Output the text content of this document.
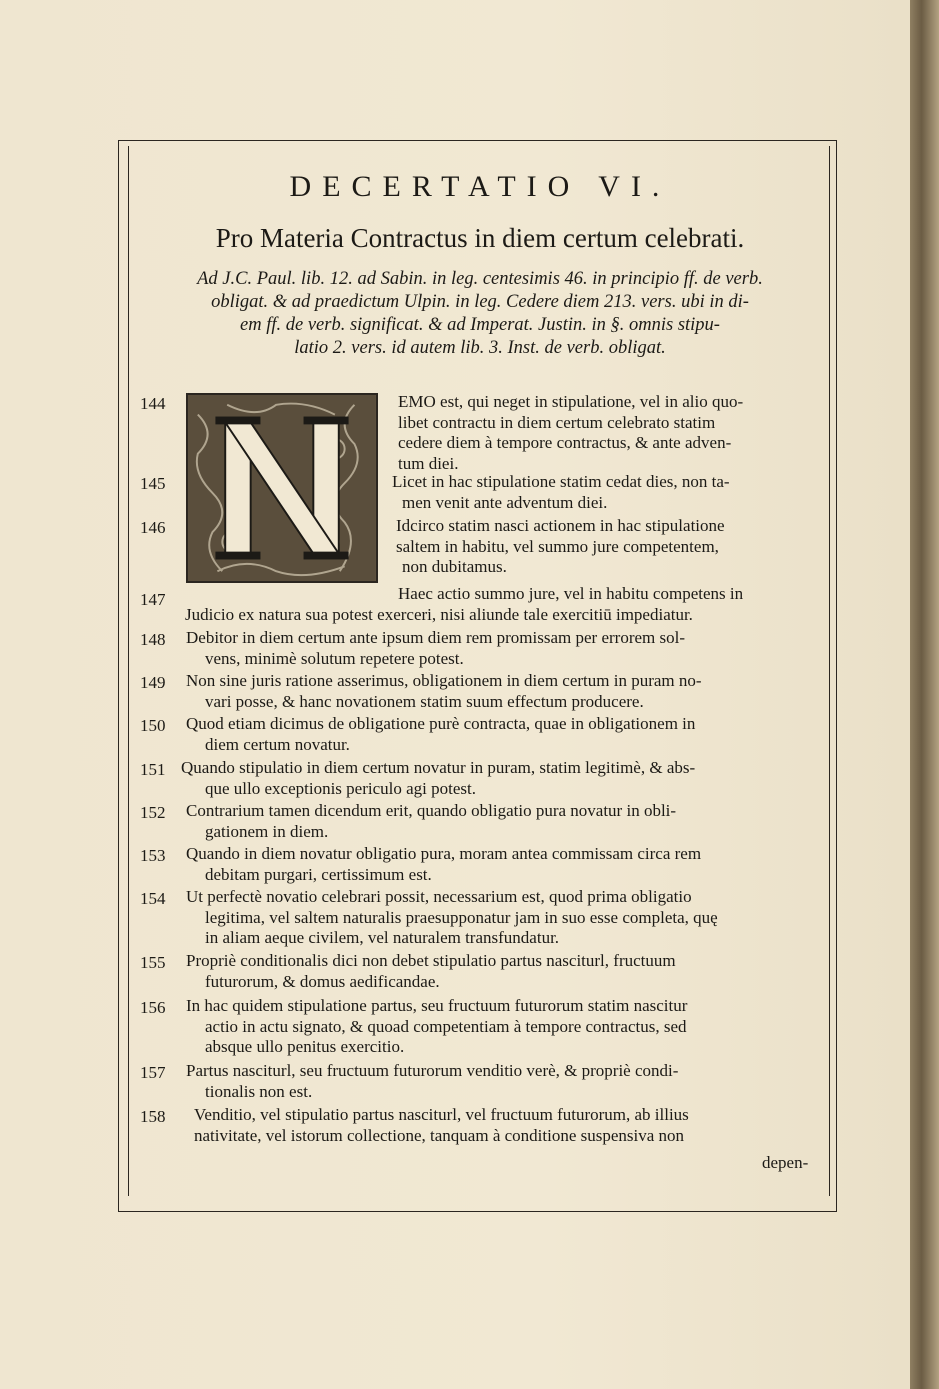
DECERTATIO VI.
Pro Materia Contractus in diem certum celebrati.
Ad J.C. Paul. lib. 12. ad Sabin. in leg. centesimis 46. in principio ff. de verb.
obligat. & ad praedictum Ulpin. in leg. Cedere diem 213. vers. ubi in di-
em ff. de verb. significat. & ad Imperat. Justin. in §. omnis stipu-
latio 2. vers. id autem lib. 3. Inst. de verb. obligat.
144	EMO est, qui neget in stipulatione, vel in alio quo-
libet contractu in diem certum celebrato statim
cedere diem à tempore contractus, & ante adven-
tum diei.
145	Licet in hac stipulatione statim cedat dies, non ta-
men venit ante adventum diei.
146	Idcirco statim nasci actionem in hac stipulatione
saltem in habitu, vel summo jure competentem,
non dubitamus.
147	Haec actio summo jure, vel in habitu competens in
Judicio ex natura sua potest exerceri, nisi aliunde tale exercitiū impediatur.
148 Debitor in diem certum ante ipsum diem rem promissam per errorem sol-
vens, minimè solutum repetere potest.
149 Non sine juris ratione asserimus, obligationem in diem certum in puram no-
vari posse, & hanc novationem statim suum effectum producere.
150 Quod etiam dicimus de obligatione purè contracta, quae in obligationem in
diem certum novatur.
151 Quando stipulatio in diem certum novatur in puram, statim legitimè, & abs-
que ullo exceptionis periculo agi potest.
152 Contrarium tamen dicendum erit, quando obligatio pura novatur in obli-
gationem in diem.
153 Quando in diem novatur obligatio pura, moram antea commissam circa rem
debitam purgari, certissimum est.
154 Ut perfectè novatio celebrari possit, necessarium est, quod prima obligatio
legitima, vel saltem naturalis praesupponatur jam in suo esse completa, quę
in aliam aeque civilem, vel naturalem transfundatur.
155 Propriè conditionalis dici non debet stipulatio partus nasciturl, fructuum
futurorum, & domus aedificandae.
156 In hac quidem stipulatione partus, seu fructuum futurorum statim nascitur
actio in actu signato, & quoad competentiam à tempore contractus, sed
absque ullo penitus exercitio.
157 Partus nasciturl, seu fructuum futurorum venditio verè, & propriè condi-
tionalis non est.
158 Venditio, vel stipulatio partus nasciturl, vel fructuum futurorum, ab illius
nativitate, vel istorum collectione, tanquam à conditione suspensiva non
depen-
